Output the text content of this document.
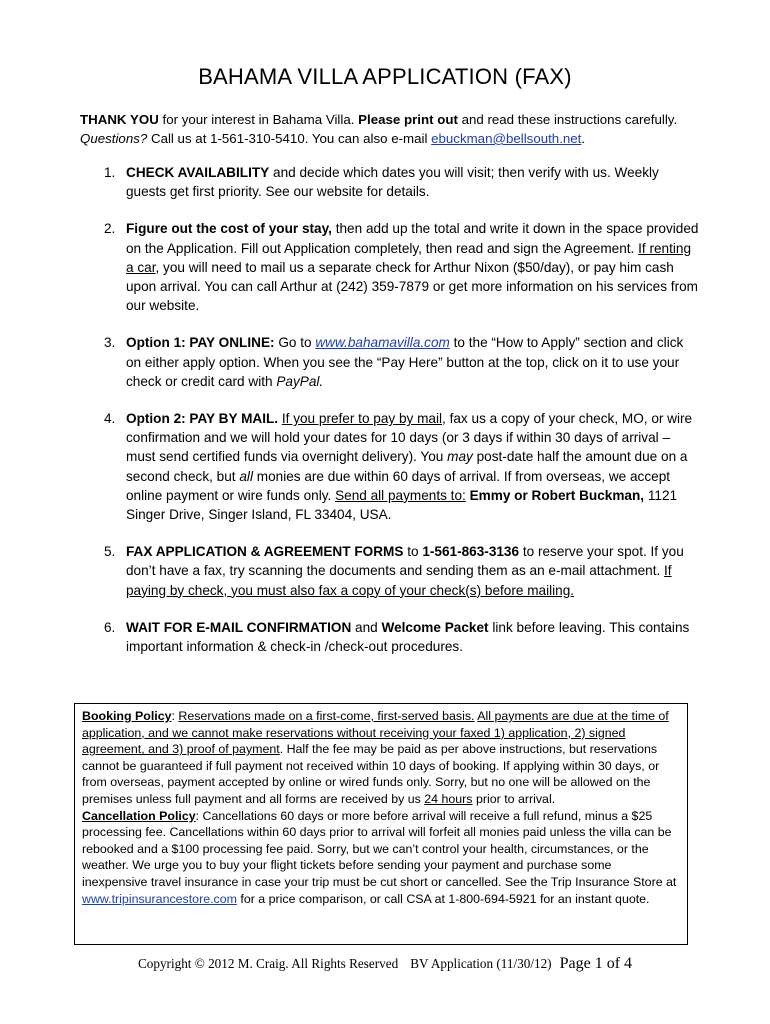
BAHAMA VILLA APPLICATION (FAX)
THANK YOU for your interest in Bahama Villa. Please print out and read these instructions carefully. Questions? Call us at 1-561-310-5410. You can also e-mail ebuckman@bellsouth.net.
1. CHECK AVAILABILITY and decide which dates you will visit; then verify with us. Weekly guests get first priority. See our website for details.
2. Figure out the cost of your stay, then add up the total and write it down in the space provided on the Application. Fill out Application completely, then read and sign the Agreement. If renting a car, you will need to mail us a separate check for Arthur Nixon ($50/day), or pay him cash upon arrival. You can call Arthur at (242) 359-7879 or get more information on his services from our website.
3. Option 1: PAY ONLINE: Go to www.bahamavilla.com to the “How to Apply” section and click on either apply option. When you see the “Pay Here” button at the top, click on it to use your check or credit card with PayPal.
4. Option 2: PAY BY MAIL. If you prefer to pay by mail, fax us a copy of your check, MO, or wire confirmation and we will hold your dates for 10 days (or 3 days if within 30 days of arrival – must send certified funds via overnight delivery). You may post-date half the amount due on a second check, but all monies are due within 60 days of arrival. If from overseas, we accept online payment or wire funds only. Send all payments to: Emmy or Robert Buckman, 1121 Singer Drive, Singer Island, FL 33404, USA.
5. FAX APPLICATION & AGREEMENT FORMS to 1-561-863-3136 to reserve your spot. If you don’t have a fax, try scanning the documents and sending them as an e-mail attachment. If paying by check, you must also fax a copy of your check(s) before mailing.
6. WAIT FOR E-MAIL CONFIRMATION and Welcome Packet link before leaving. This contains important information & check-in /check-out procedures.
Booking Policy: Reservations made on a first-come, first-served basis. All payments are due at the time of application, and we cannot make reservations without receiving your faxed 1) application, 2) signed agreement, and 3) proof of payment. Half the fee may be paid as per above instructions, but reservations cannot be guaranteed if full payment not received within 10 days of booking. If applying within 30 days, or from overseas, payment accepted by online or wired funds only. Sorry, but no one will be allowed on the premises unless full payment and all forms are received by us 24 hours prior to arrival.
Cancellation Policy: Cancellations 60 days or more before arrival will receive a full refund, minus a $25 processing fee. Cancellations within 60 days prior to arrival will forfeit all monies paid unless the villa can be rebooked and a $100 processing fee paid. Sorry, but we can’t control your health, circumstances, or the weather. We urge you to buy your flight tickets before sending your payment and purchase some inexpensive travel insurance in case your trip must be cut short or cancelled. See the Trip Insurance Store at www.tripinsurancestore.com for a price comparison, or call CSA at 1-800-694-5921 for an instant quote.
Copyright © 2012 M. Craig. All Rights Reserved BV Application (11/30/12) Page 1 of 4
